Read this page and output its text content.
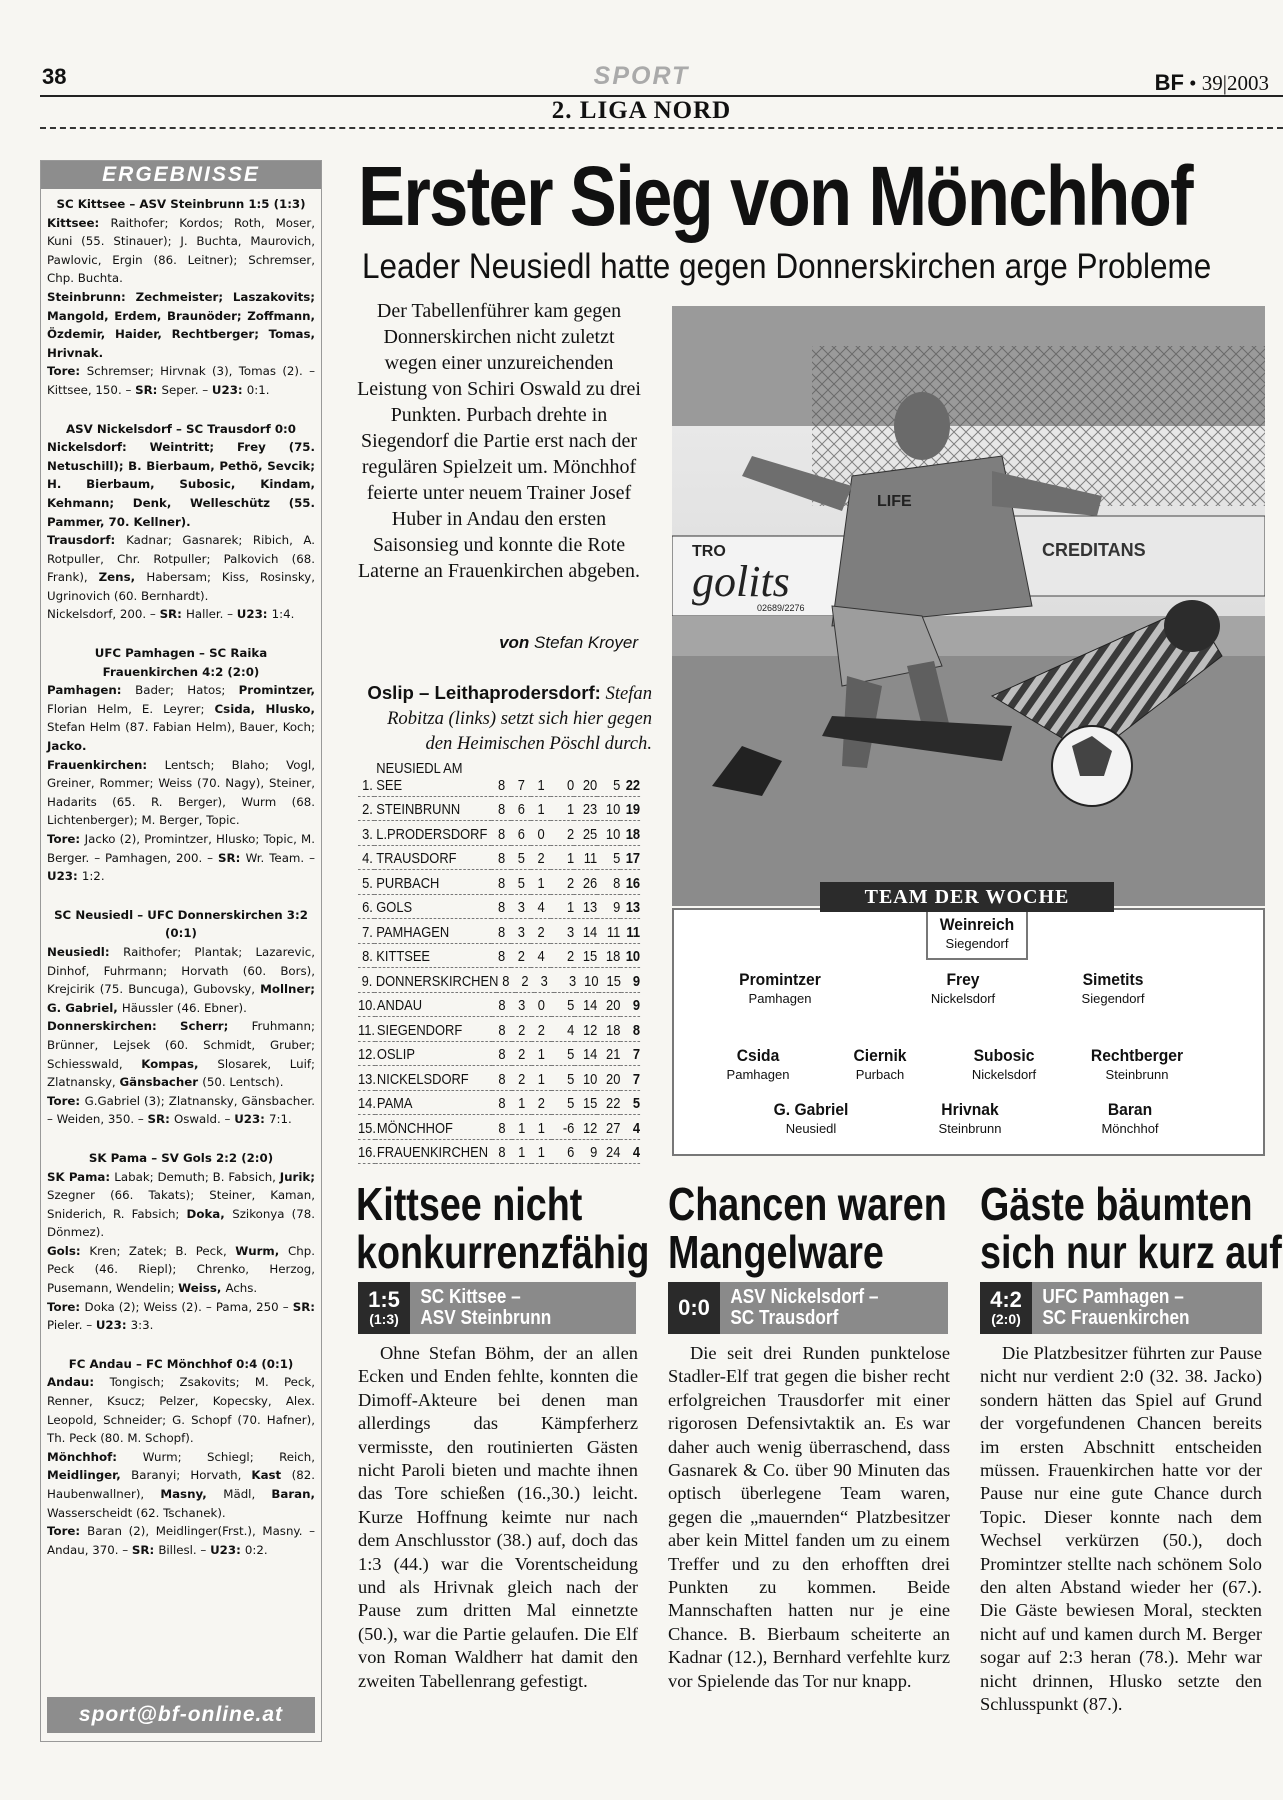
38	SPORT	BF • 39|2003
2. LIGA NORD
ERGEBNISSE
SC Kittsee – ASV Steinbrunn 1:5 (1:3)

Kittsee: Raithofer; Kordos; Roth, Moser, Kuni (55. Stinauer); J. Buchta, Maurovich, Pawlovic, Ergin (86. Leitner); Schremser, Chp. Buchta.

Steinbrunn: Zechmeister; Laszakovits; Mangold, Erdem, Braunöder; Zoffmann, Özdemir, Haider, Rechtberger; Tomas, Hrivnak.

Tore: Schremser; Hirvnak (3), Tomas (2). – Kittsee, 150. – SR: Seper. – U23: 0:1.

ASV Nickelsdorf – SC Trausdorf 0:0

Nickelsdorf: Weintritt; Frey (75. Netuschill); B. Bierbaum, Pethö, Sevcik; H. Bierbaum, Subosic, Kindam, Kehmann; Denk, Welleschütz (55. Pammer, 70. Kellner).

Trausdorf: Kadnar; Gasnarek; Ribich, A. Rotpuller, Chr. Rotpuller; Palkovich (68. Frank), Zens, Habersam; Kiss, Rosinsky, Ugrinovich (60. Bernhardt).

Nickelsdorf, 200. – SR: Haller. – U23: 1:4.

UFC Pamhagen – SC Raika Frauenkirchen 4:2 (2:0)

Pamhagen: Bader; Hatos; Promintzer, Florian Helm, E. Leyrer; Csida, Hlusko, Stefan Helm (87. Fabian Helm), Bauer, Koch; Jacko.

Frauenkirchen: Lentsch; Blaho; Vogl, Greiner, Rommer; Weiss (70. Nagy), Steiner, Hadarits (65. R. Berger), Wurm (68. Lichtenberger); M. Berger, Topic.

Tore: Jacko (2), Promintzer, Hlusko; Topic, M. Berger. – Pamhagen, 200. – SR: Wr. Team. – U23: 1:2.

SC Neusiedl – UFC Donnerskirchen 3:2 (0:1)

Neusiedl: Raithofer; Plantak; Lazarevic, Dinhof, Fuhrmann; Horvath (60. Bors), Krejcirik (75. Buncuga), Gubovsky, Mollner; G. Gabriel, Häussler (46. Ebner).

Donnerskirchen: Scherr; Fruhmann; Brünner, Lejsek (60. Schmidt, Gruber; Schiesswald, Kompas, Slosarek, Luif; Zlatnansky, Gänsbacher (50. Lentsch).

Tore: G.Gabriel (3); Zlatnansky, Gänsbacher. – Weiden, 350. – SR: Oswald. – U23: 7:1.

SK Pama – SV Gols 2:2 (2:0)

SK Pama: Labak; Demuth; B. Fabsich, Jurik; Szegner (66. Takats); Steiner, Kaman, Sniderich, R. Fabsich; Doka, Szikonya (78. Dönmez).

Gols: Kren; Zatek; B. Peck, Wurm, Chp. Peck (46. Riepl); Chrenko, Herzog, Pusemann, Wendelin; Weiss, Achs.

Tore: Doka (2); Weiss (2). – Pama, 250 – SR: Pieler. – U23: 3:3.

FC Andau – FC Mönchhof 0:4 (0:1)

Andau: Tongisch; Zsakovits; M. Peck, Renner, Ksucz; Pelzer, Kopecsky, Alex. Leopold, Schneider; G. Schopf (70. Hafner), Th. Peck (80. M. Schopf).

Mönchhof: Wurm; Schiegl; Reich, Meidlinger, Baranyi; Horvath, Kast (82. Haubenwallner), Masny, Mädl, Baran, Wasserscheidt (62. Tschanek).

Tore: Baran (2), Meidlinger(Frst.), Masny. – Andau, 370. – SR: Billesl. – U23: 0:2.

sport@bf-online.at
Erster Sieg von Mönchhof
Leader Neusiedl hatte gegen Donnerskirchen arge Probleme
Der Tabellenführer kam gegen Donnerskirchen nicht zuletzt wegen einer unzureichenden Leistung von Schiri Oswald zu drei Punkten. Purbach drehte in Siegendorf die Partie erst nach der regulären Spielzeit um. Mönchhof feierte unter neuem Trainer Josef Huber in Andau den ersten Saisonsieg und konnte die Rote Laterne an Frauenkirchen abgeben.
von Stefan Kroyer
Oslip – Leithaprodersdorf: Stefan Robitza (links) setzt sich hier gegen den Heimischen Pöschl durch.
1.
NEUSIEDL AM SEE	8 7 1	0 20	5 22
2. STEINBRUNN	8 6 1	1 23 10 19
3. L.PRODERSDORF 8 6 0	2 25 10 18
4. TRAUSDORF	8 5 2	1 11	5 17
5. PURBACH	8 5 1	2 26	8 16
6. GOLS	8 3 4	1 13	9 13
7. PAMHAGEN	8 3 2	3 14 11 11
8. KITTSEE	8 2 4	2 15 18 10
9. DONNERSKIRCHEN 8 2 3	3 10 15 9
10. ANDAU	8 3 0	5 14 20 9
11. SIEGENDORF	8 2 2	4 12 18 8
12. OSLIP	8 2 1	5 14 21 7
13. NICKELSDORF	8 2 1	5 10 20 7
14. PAMA	8 1 2	5 15 22 5
15. MÖNCHHOF	8 1 1	-6 12 27 4
16. FRAUENKIRCHEN 8 1 1	6	9 24 4
golits
TRO
02689/2276
CREDITANS
LIFE
TEAM DER WOCHE
Weinreich
Siegendorf
Promintzer
Pamhagen
Frey
Nickelsdorf
Simetits
Siegendorf
Csida
Pamhagen
Ciernik
Purbach
Subosic
Nickelsdorf
Rechtberger
Steinbrunn
G. Gabriel
Neusiedl
Hrivnak
Steinbrunn
Baran
Mönchhof
Kittsee nicht
konkurrenzfähig
1:5
(1:3)
SC Kittsee –
ASV Steinbrunn

Ohne Stefan Böhm, der an allen Ecken und Enden fehlte, konnten die Dimoff-Akteure bei denen man allerdings das Kämpferherz vermisste, den routinierten Gästen nicht Paroli bieten und machte ihnen das Tore schießen (16.,30.) leicht. Kurze Hoffnung keimte nur nach dem Anschlusstor (38.) auf, doch das 1:3 (44.) war die Vorentscheidung und als Hrivnak gleich nach der Pause zum dritten Mal einnetzte (50.), war die Partie gelaufen. Die Elf von Roman Waldherr hat damit den zweiten Tabellenrang gefestigt.

Chancen waren
Mangelware
0:0	ASV Nickelsdorf –
SC Trausdorf

Die seit drei Runden punktelose Stadler-Elf trat gegen die bisher recht erfolgreichen Trausdorfer mit einer rigorosen Defensivtaktik an. Es war daher auch wenig überraschend, dass Gasnarek & Co. über 90 Minuten das optisch überlegene Team waren, gegen die „mauernden“ Platzbesitzer aber kein Mittel fanden um zu einem Treffer und zu den erhofften drei Punkten zu kommen. Beide Mannschaften hatten nur je eine Chance. B. Bierbaum scheiterte an Kadnar (12.), Bernhard verfehlte kurz vor Spielende das Tor nur knapp.

Gäste bäumten
sich nur kurz auf
4:2
(2:0)
UFC Pamhagen –
SC Frauenkirchen

Die Platzbesitzer führten zur Pause nicht nur verdient 2:0 (32. 38. Jacko) sondern hätten das Spiel auf Grund der vorgefundenen Chancen bereits im ersten Abschnitt entscheiden müssen. Frauenkirchen hatte vor der Pause nur eine gute Chance durch Topic. Dieser konnte nach dem Wechsel verkürzen (50.), doch Promintzer stellte nach schönem Solo den alten Abstand wieder her (67.). Die Gäste bewiesen Moral, steckten nicht auf und kamen durch M. Berger sogar auf 2:3 heran (78.). Mehr war nicht drinnen, Hlusko setzte den Schlusspunkt (87.).
